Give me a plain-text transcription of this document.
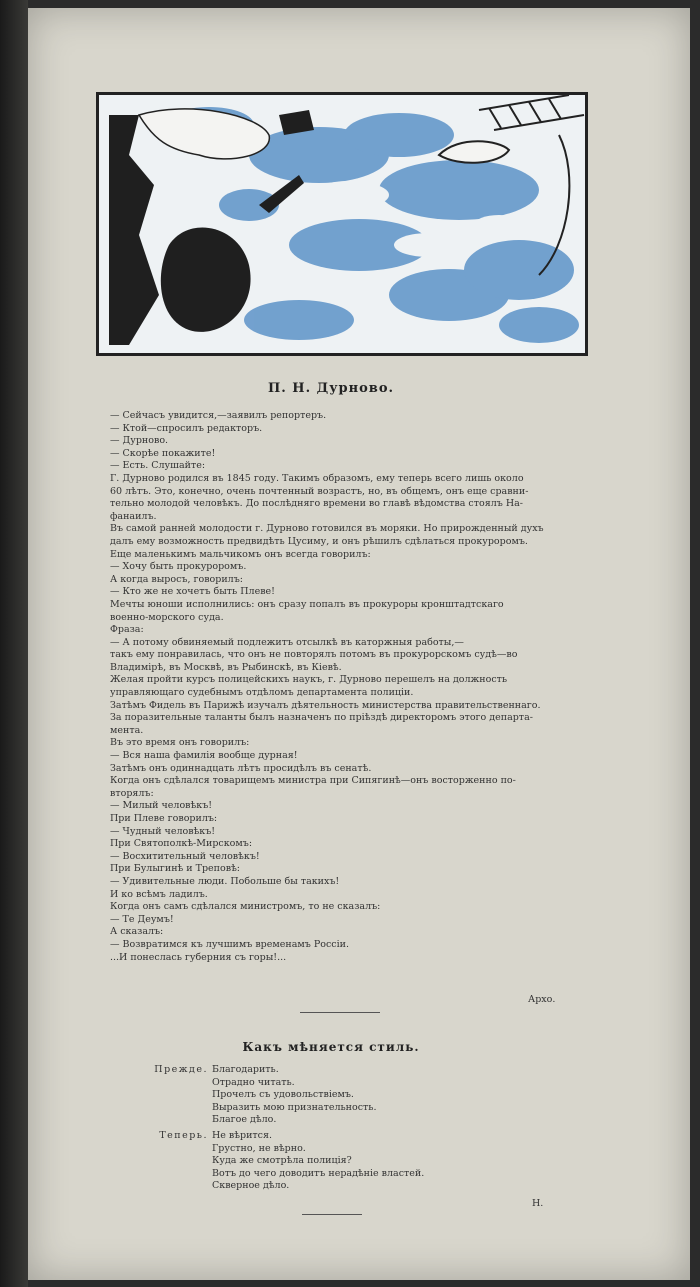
П. Н. Дурново.
— Сейчасъ увидится,—заявилъ репортеръ.
— Ктой—спросилъ редакторъ.
— Дурново.
— Скорѣе покажите!
— Есть. Слушайте:
Г. Дурново родился въ 1845 году. Такимъ образомъ, ему теперь всего лишь около
60 лѣтъ. Это, конечно, очень почтенный возрастъ, но, въ общемъ, онъ еще сравни-
тельно молодой человѣкъ. До послѣдняго времени во главѣ вѣдомства стоялъ На-
фанаилъ.
Въ самой ранней молодости г. Дурново готовился въ моряки. Но прирожденный духъ
далъ ему возможность предвидѣть Цусиму, и онъ рѣшилъ сдѣлаться прокуроромъ.
Еще маленькимъ мальчикомъ онъ всегда говорилъ:
— Хочу быть прокуроромъ.
А когда выросъ, говорилъ:
— Кто же не хочетъ быть Плеве!
Мечты юноши исполнились: онъ сразу попалъ въ прокуроры кронштадтскаго
военно-морского суда.
Фраза:
— А потому обвиняемый подлежитъ отсылкѣ въ каторжныя работы,—
такъ ему понравилась, что онъ не повторялъ потомъ въ прокурорскомъ судѣ—во
Владимірѣ, въ Москвѣ, въ Рыбинскѣ, въ Кіевѣ.
Желая пройти курсъ полицейскихъ наукъ, г. Дурново перешелъ на должность
управляющаго судебнымъ отдѣломъ департамента полиціи.
Затѣмъ Фидель въ Парижѣ изучалъ дѣятельность министерства правительственнаго.
За поразительные таланты былъ назначенъ по пріѣздѣ директоромъ этого департа-
мента.
Въ это время онъ говорилъ:
— Вся наша фамилія вообще дурная!
Затѣмъ онъ одиннадцать лѣтъ просидѣлъ въ сенатѣ.
Когда онъ сдѣлался товарищемъ министра при Сипягинѣ—онъ восторженно по-
вторялъ:
— Милый человѣкъ!
При Плеве говорилъ:
— Чудный человѣкъ!
При Святополкѣ-Мирскомъ:
— Восхитительный человѣкъ!
При Булыгинѣ и Треповѣ:
— Удивительные люди. Побольше бы такихъ!
И ко всѣмъ ладилъ.
Когда онъ самъ сдѣлался министромъ, то не сказалъ:
— Те Деумъ!
А сказалъ:
— Возвратимся къ лучшимъ временамъ Россіи.
...И понеслась губерния съ горы!...
Архо.
Какъ мѣняется стиль.
Прежде. Благодарить.
Отрадно читать.
Прочелъ съ удовольствіемъ.
Выразить мою признательность.
Благое дѣло.
Теперь. Не вѣрится.
Грустно, не вѣрно.
Куда же смотрѣла полиція?
Вотъ до чего доводитъ нерадѣніе властей.
Скверное дѣло.
Н.
